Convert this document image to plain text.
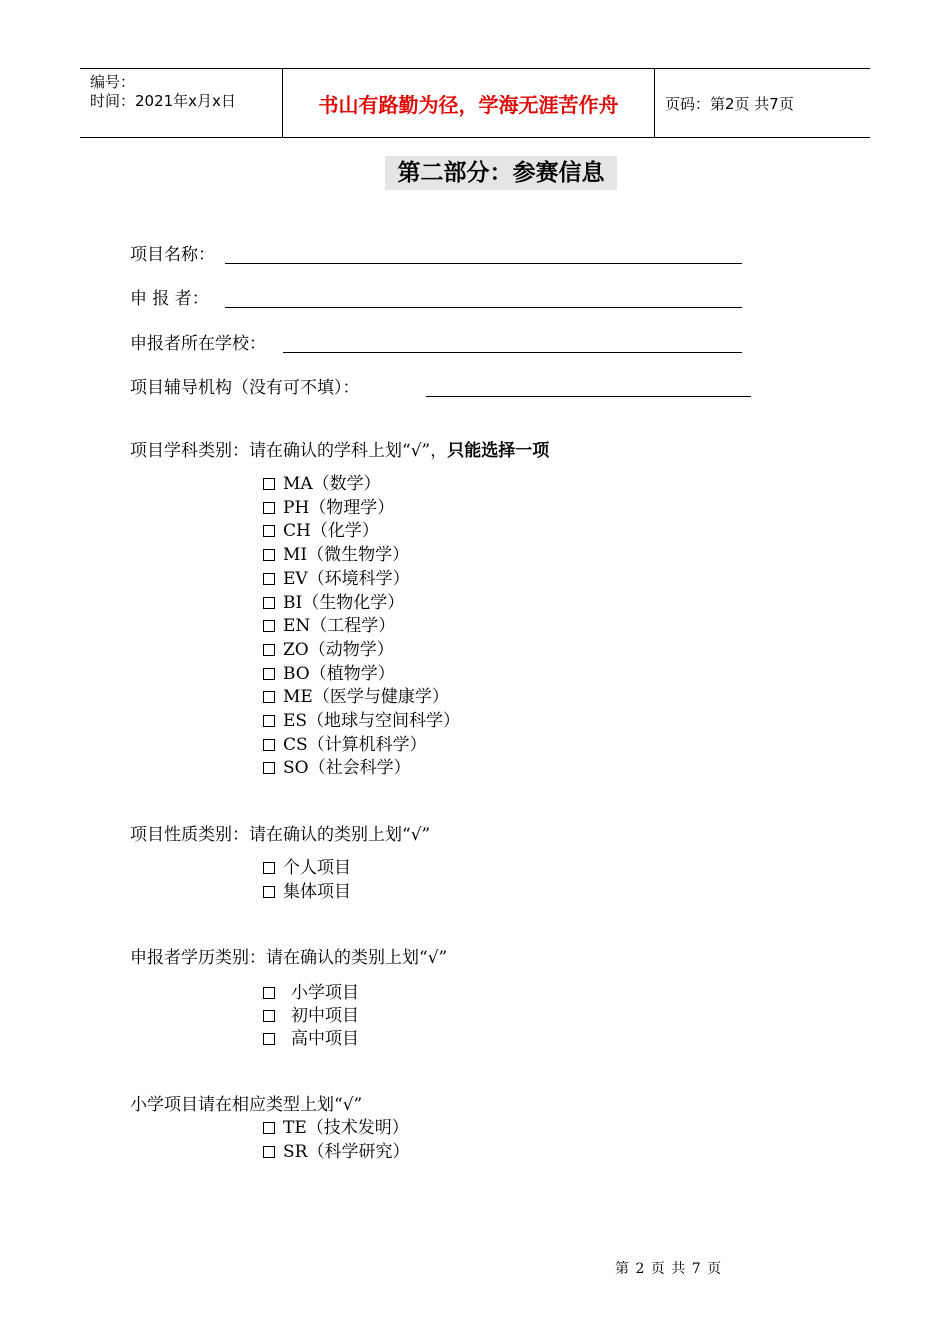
编号：
时间：2021年x月x日	书山有路勤为径，学海无涯苦作舟	页码：第2页 共7页
第二部分：参赛信息
项目名称：
申 报 者：
申报者所在学校：
项目辅导机构（没有可不填）：
项目学科类别：请在确认的学科上划“√”，只能选择一项
MA（数学）
PH（物理学）
CH（化学）
MI（微生物学）
EV（环境科学）
BI（生物化学）
EN（工程学）
ZO（动物学）
BO（植物学）
ME（医学与健康学）
ES（地球与空间科学）
CS（计算机科学）
SO（社会科学）
项目性质类别：请在确认的类别上划“√”
个人项目
集体项目
申报者学历类别：请在确认的类别上划“√”
小学项目
初中项目
高中项目
小学项目请在相应类型上划“√”
TE（技术发明）
SR（科学研究）
第 2 页 共 7 页
